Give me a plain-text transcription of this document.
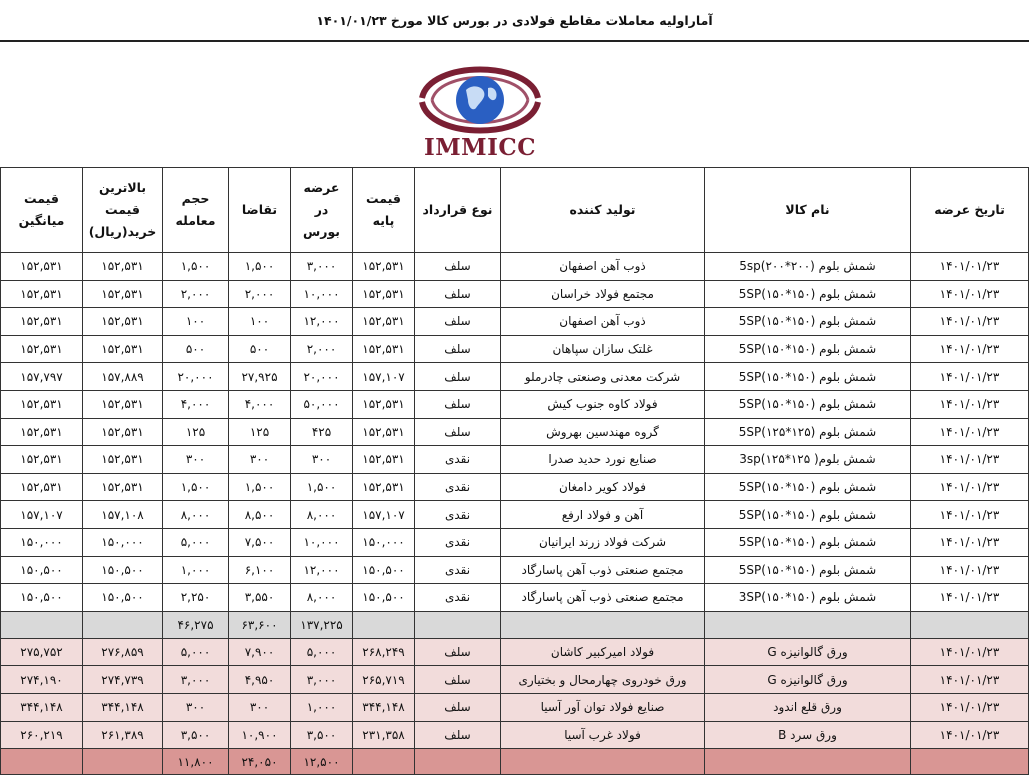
آماراولیه معاملات مقاطع فولادی در بورس کالا مورخ ۱۴۰۱/۰۱/۲۳
IMMICC
تاریخ عرضه	نام کالا	تولید کننده	نوع قرارداد	قیمت پایه	عرضه در بورس	تقاضا	حجم معامله	بالاترین قیمت خرید(ریال)	قیمت میانگین
۱۴۰۱/۰۱/۲۳	شمش بلوم (۲۰۰*۲۰۰)5sp	ذوب آهن اصفهان	سلف	۱۵۲,۵۳۱	۳,۰۰۰	۱,۵۰۰	۱,۵۰۰	۱۵۲,۵۳۱	۱۵۲,۵۳۱
۱۴۰۱/۰۱/۲۳	شمش بلوم (۱۵۰*۱۵۰)5SP	مجتمع فولاد خراسان	سلف	۱۵۲,۵۳۱	۱۰,۰۰۰	۲,۰۰۰	۲,۰۰۰	۱۵۲,۵۳۱	۱۵۲,۵۳۱
۱۴۰۱/۰۱/۲۳	شمش بلوم (۱۵۰*۱۵۰)5SP	ذوب آهن اصفهان	سلف	۱۵۲,۵۳۱	۱۲,۰۰۰	۱۰۰	۱۰۰	۱۵۲,۵۳۱	۱۵۲,۵۳۱
۱۴۰۱/۰۱/۲۳	شمش بلوم (۱۵۰*۱۵۰)5SP	غلتک سازان سپاهان	سلف	۱۵۲,۵۳۱	۲,۰۰۰	۵۰۰	۵۰۰	۱۵۲,۵۳۱	۱۵۲,۵۳۱
۱۴۰۱/۰۱/۲۳	شمش بلوم (۱۵۰*۱۵۰)5SP	شرکت معدنی وصنعتی چادرملو	سلف	۱۵۷,۱۰۷	۲۰,۰۰۰	۲۷,۹۲۵	۲۰,۰۰۰	۱۵۷,۸۸۹	۱۵۷,۷۹۷
۱۴۰۱/۰۱/۲۳	شمش بلوم (۱۵۰*۱۵۰)5SP	فولاد کاوه جنوب کیش	سلف	۱۵۲,۵۳۱	۵۰,۰۰۰	۴,۰۰۰	۴,۰۰۰	۱۵۲,۵۳۱	۱۵۲,۵۳۱
۱۴۰۱/۰۱/۲۳	شمش بلوم (۱۲۵*۱۲۵)5SP	گروه مهندسین بهروش	سلف	۱۵۲,۵۳۱	۴۲۵	۱۲۵	۱۲۵	۱۵۲,۵۳۱	۱۵۲,۵۳۱
۱۴۰۱/۰۱/۲۳	شمش بلوم( ۱۲۵*۱۲۵)3sp	صنایع نورد حدید صدرا	نقدی	۱۵۲,۵۳۱	۳۰۰	۳۰۰	۳۰۰	۱۵۲,۵۳۱	۱۵۲,۵۳۱
۱۴۰۱/۰۱/۲۳	شمش بلوم (۱۵۰*۱۵۰)5SP	فولاد کویر دامغان	نقدی	۱۵۲,۵۳۱	۱,۵۰۰	۱,۵۰۰	۱,۵۰۰	۱۵۲,۵۳۱	۱۵۲,۵۳۱
۱۴۰۱/۰۱/۲۳	شمش بلوم (۱۵۰*۱۵۰)5SP	آهن و فولاد ارفع	نقدی	۱۵۷,۱۰۷	۸,۰۰۰	۸,۵۰۰	۸,۰۰۰	۱۵۷,۱۰۸	۱۵۷,۱۰۷
۱۴۰۱/۰۱/۲۳	شمش بلوم (۱۵۰*۱۵۰)5SP	شرکت فولاد زرند ایرانیان	نقدی	۱۵۰,۰۰۰	۱۰,۰۰۰	۷,۵۰۰	۵,۰۰۰	۱۵۰,۰۰۰	۱۵۰,۰۰۰
۱۴۰۱/۰۱/۲۳	شمش بلوم (۱۵۰*۱۵۰)5SP	مجتمع صنعتی ذوب آهن پاسارگاد	نقدی	۱۵۰,۵۰۰	۱۲,۰۰۰	۶,۱۰۰	۱,۰۰۰	۱۵۰,۵۰۰	۱۵۰,۵۰۰
۱۴۰۱/۰۱/۲۳	شمش بلوم (۱۵۰*۱۵۰)3SP	مجتمع صنعتی ذوب آهن پاسارگاد	نقدی	۱۵۰,۵۰۰	۸,۰۰۰	۳,۵۵۰	۲,۲۵۰	۱۵۰,۵۰۰	۱۵۰,۵۰۰
					۱۳۷,۲۲۵	۶۳,۶۰۰	۴۶,۲۷۵		
۱۴۰۱/۰۱/۲۳	ورق گالوانیزه G	فولاد امیرکبیر کاشان	سلف	۲۶۸,۲۴۹	۵,۰۰۰	۷,۹۰۰	۵,۰۰۰	۲۷۶,۸۵۹	۲۷۵,۷۵۲
۱۴۰۱/۰۱/۲۳	ورق گالوانیزه G	ورق خودروی چهارمحال و بختیاری	سلف	۲۶۵,۷۱۹	۳,۰۰۰	۴,۹۵۰	۳,۰۰۰	۲۷۴,۷۳۹	۲۷۴,۱۹۰
۱۴۰۱/۰۱/۲۳	ورق قلع اندود	صنایع فولاد توان آور آسیا	سلف	۳۴۴,۱۴۸	۱,۰۰۰	۳۰۰	۳۰۰	۳۴۴,۱۴۸	۳۴۴,۱۴۸
۱۴۰۱/۰۱/۲۳	ورق سرد B	فولاد غرب آسیا	سلف	۲۳۱,۳۵۸	۳,۵۰۰	۱۰,۹۰۰	۳,۵۰۰	۲۶۱,۳۸۹	۲۶۰,۲۱۹
					۱۲,۵۰۰	۲۴,۰۵۰	۱۱,۸۰۰		
